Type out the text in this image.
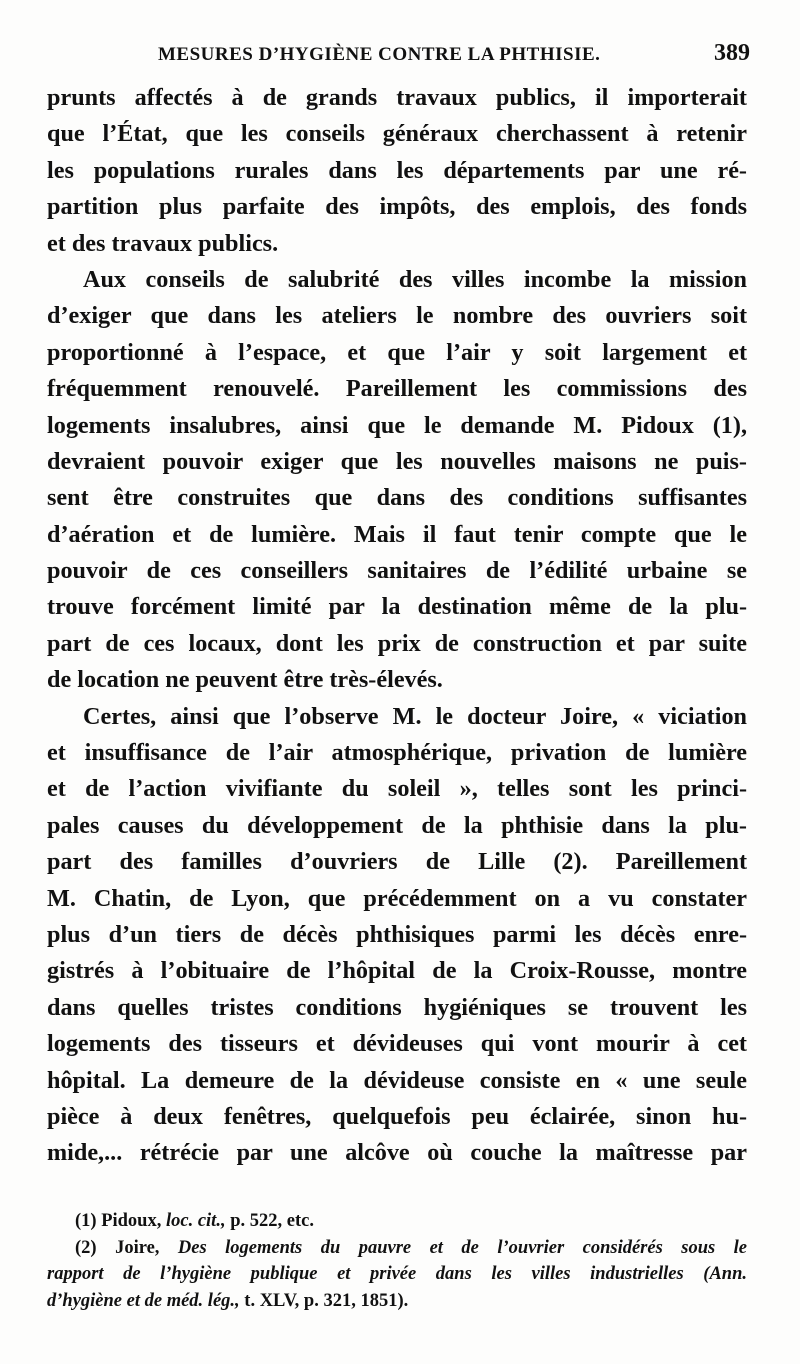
MESURES D’HYGIÈNE CONTRE LA PHTHISIE.	389
prunts affectés à de grands travaux publics, il importerait
que l’État, que les conseils généraux cherchassent à retenir
les populations rurales dans les départements par une ré-
partition plus parfaite des impôts, des emplois, des fonds
et des travaux publics.
Aux conseils de salubrité des villes incombe la mission
d’exiger que dans les ateliers le nombre des ouvriers soit
proportionné à l’espace, et que l’air y soit largement et
fréquemment renouvelé. Pareillement les commissions des
logements insalubres, ainsi que le demande M. Pidoux (1),
devraient pouvoir exiger que les nouvelles maisons ne puis-
sent être construites que dans des conditions suffisantes
d’aération et de lumière. Mais il faut tenir compte que le
pouvoir de ces conseillers sanitaires de l’édilité urbaine se
trouve forcément limité par la destination même de la plu-
part de ces locaux, dont les prix de construction et par suite
de location ne peuvent être très-élevés.
Certes, ainsi que l’observe M. le docteur Joire, « viciation
et insuffisance de l’air atmosphérique, privation de lumière
et de l’action vivifiante du soleil », telles sont les princi-
pales causes du développement de la phthisie dans la plu-
part des familles d’ouvriers de Lille (2). Pareillement
M. Chatin, de Lyon, que précédemment on a vu constater
plus d’un tiers de décès phthisiques parmi les décès enre-
gistrés à l’obituaire de l’hôpital de la Croix-Rousse, montre
dans quelles tristes conditions hygiéniques se trouvent les
logements des tisseurs et dévideuses qui vont mourir à cet
hôpital. La demeure de la dévideuse consiste en « une seule
pièce à deux fenêtres, quelquefois peu éclairée, sinon hu-
mide,... rétrécie par une alcôve où couche la maîtresse par
(1) Pidoux, loc. cit., p. 522, etc.
(2) Joire, Des logements du pauvre et de l’ouvrier considérés sous le
rapport de l’hygiène publique et privée dans les villes industrielles (Ann.
d’hygiène et de méd. lég., t. XLV, p. 321, 1851).
